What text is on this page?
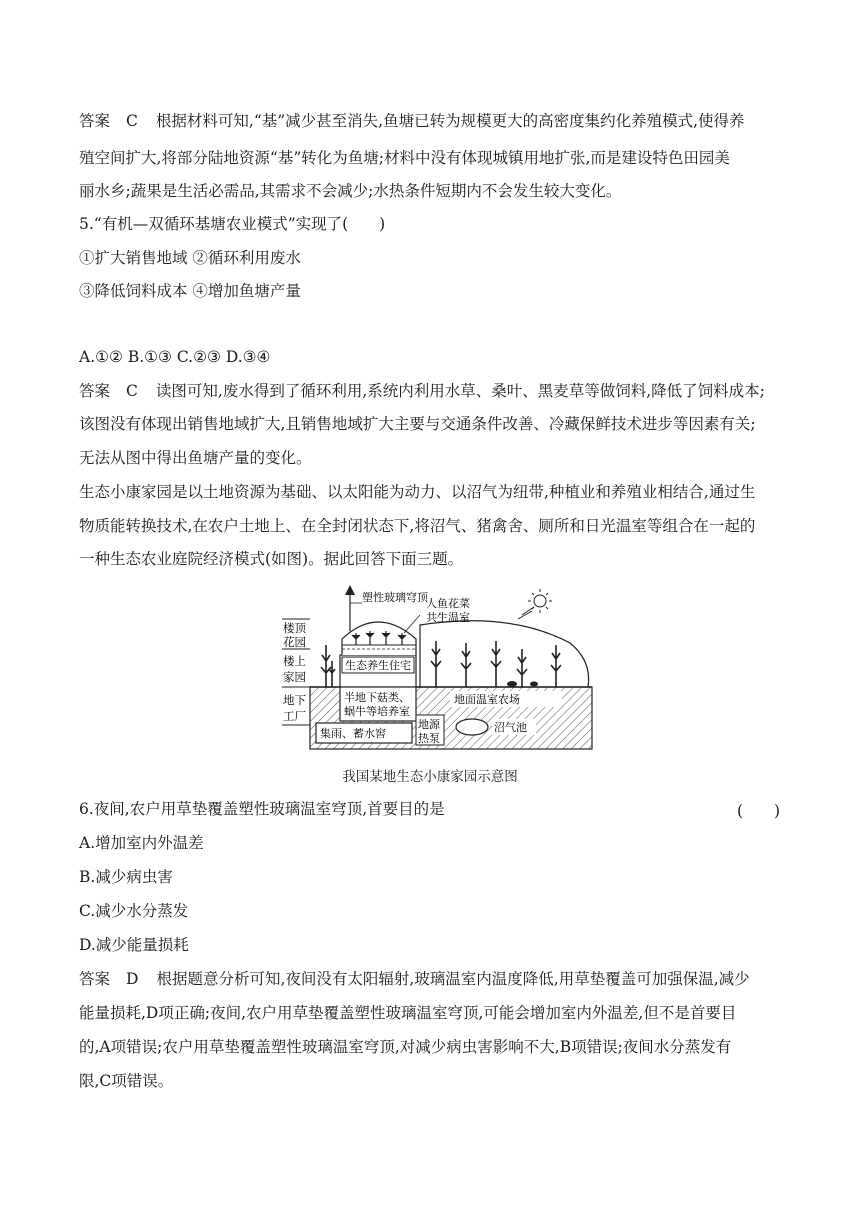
答案 C 根据材料可知,“基”减少甚至消失,鱼塘已转为规模更大的高密度集约化养殖模式,使得养
殖空间扩大,将部分陆地资源“基”转化为鱼塘;材料中没有体现城镇用地扩张,而是建设特色田园美
丽水乡;蔬果是生活必需品,其需求不会减少;水热条件短期内不会发生较大变化。
5.“有机—双循环基塘农业模式”实现了(　　)
①扩大销售地域 ②循环利用废水
③降低饲料成本 ④增加鱼塘产量
A.①② B.①③ C.②③ D.③④
答案 C 读图可知,废水得到了循环利用,系统内利用水草、桑叶、黑麦草等做饲料,降低了饲料成本;
该图没有体现出销售地域扩大,且销售地域扩大主要与交通条件改善、冷藏保鲜技术进步等因素有关;
无法从图中得出鱼塘产量的变化。
生态小康家园是以土地资源为基础、以太阳能为动力、以沼气为纽带,种植业和养殖业相结合,通过生
物质能转换技术,在农户土地上、在全封闭状态下,将沼气、猪禽舍、厕所和日光温室等组合在一起的
一种生态农业庭院经济模式(如图)。据此回答下面三题。
生态养生住宅
塑性玻璃穹顶
人鱼花菜
共生温室
半地下菇类、
蜗牛等培养室
地面温室农场
集雨、蓄水窖
地源
热泵
沼气池
楼顶
花园
楼上
家园
地下
工厂
我国某地生态小康家园示意图
6.夜间,农户用草垫覆盖塑性玻璃温室穹顶,首要目的是	(　　)
A.增加室内外温差
B.减少病虫害
C.减少水分蒸发
D.减少能量损耗
答案 D 根据题意分析可知,夜间没有太阳辐射,玻璃温室内温度降低,用草垫覆盖可加强保温,减少
能量损耗,D项正确;夜间,农户用草垫覆盖塑性玻璃温室穹顶,可能会增加室内外温差,但不是首要目
的,A项错误;农户用草垫覆盖塑性玻璃温室穹顶,对减少病虫害影响不大,B项错误;夜间水分蒸发有
限,C项错误。
